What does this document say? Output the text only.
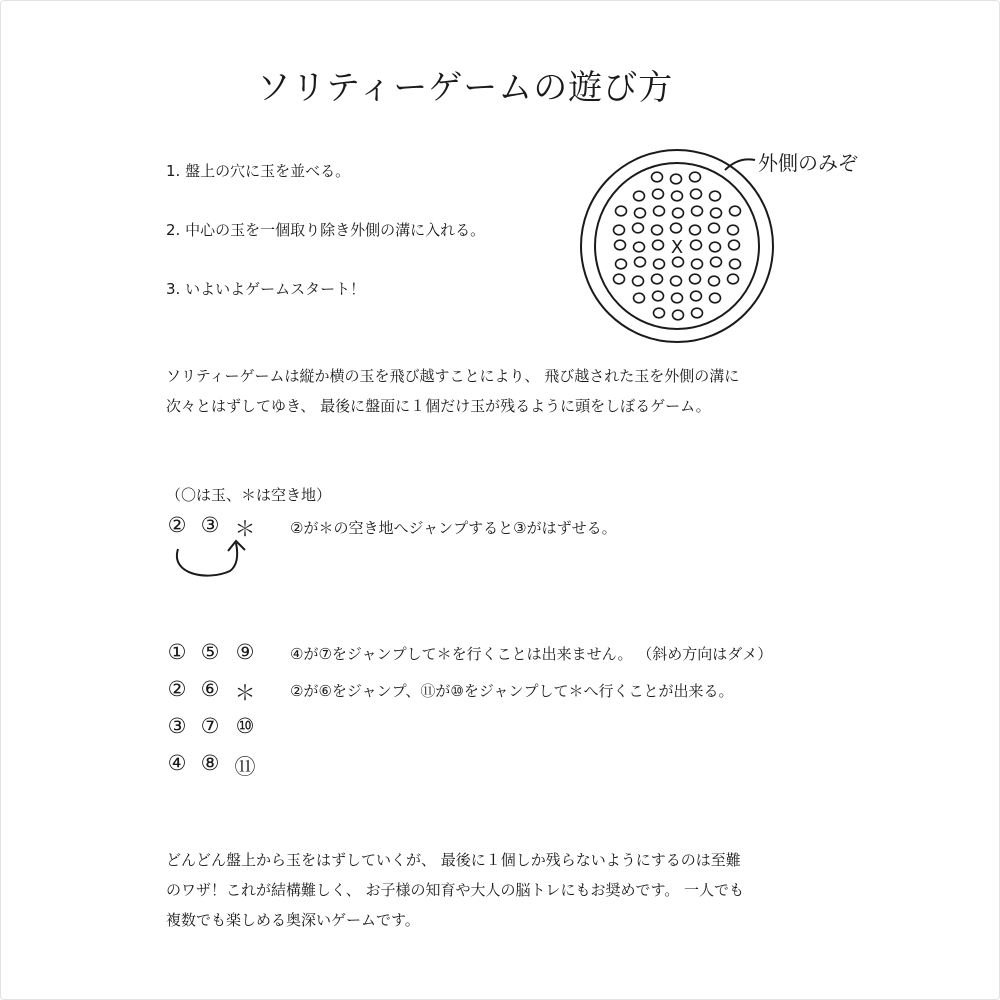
ソリティーゲームの遊び方
1. 盤上の穴に玉を並べる。
2. 中心の玉を一個取り除き外側の溝に入れる。
3. いよいよゲームスタート！
X
外側のみぞ
ソリティーゲームは縦か横の玉を飛び越すことにより、 飛び越された玉を外側の溝に
次々とはずしてゆき、 最後に盤面に１個だけ玉が残るように頭をしぼるゲーム。
（〇は玉、＊は空き地）
② ③ ＊ ②が＊の空き地へジャンプすると③がはずせる。
① ⑤ ⑨
② ⑥ ＊
③ ⑦ ⑩
④ ⑧ ⑪
④が⑦をジャンプして＊を行くことは出来ません。 （斜め方向はダメ）
②が⑥をジャンプ、⑪が⑩をジャンプして＊へ行くことが出来る。
どんどん盤上から玉をはずしていくが、 最後に１個しか残らないようにするのは至難
のワザ！これが結構難しく、 お子様の知育や大人の脳トレにもお奨めです。 一人でも
複数でも楽しめる奥深いゲームです。
